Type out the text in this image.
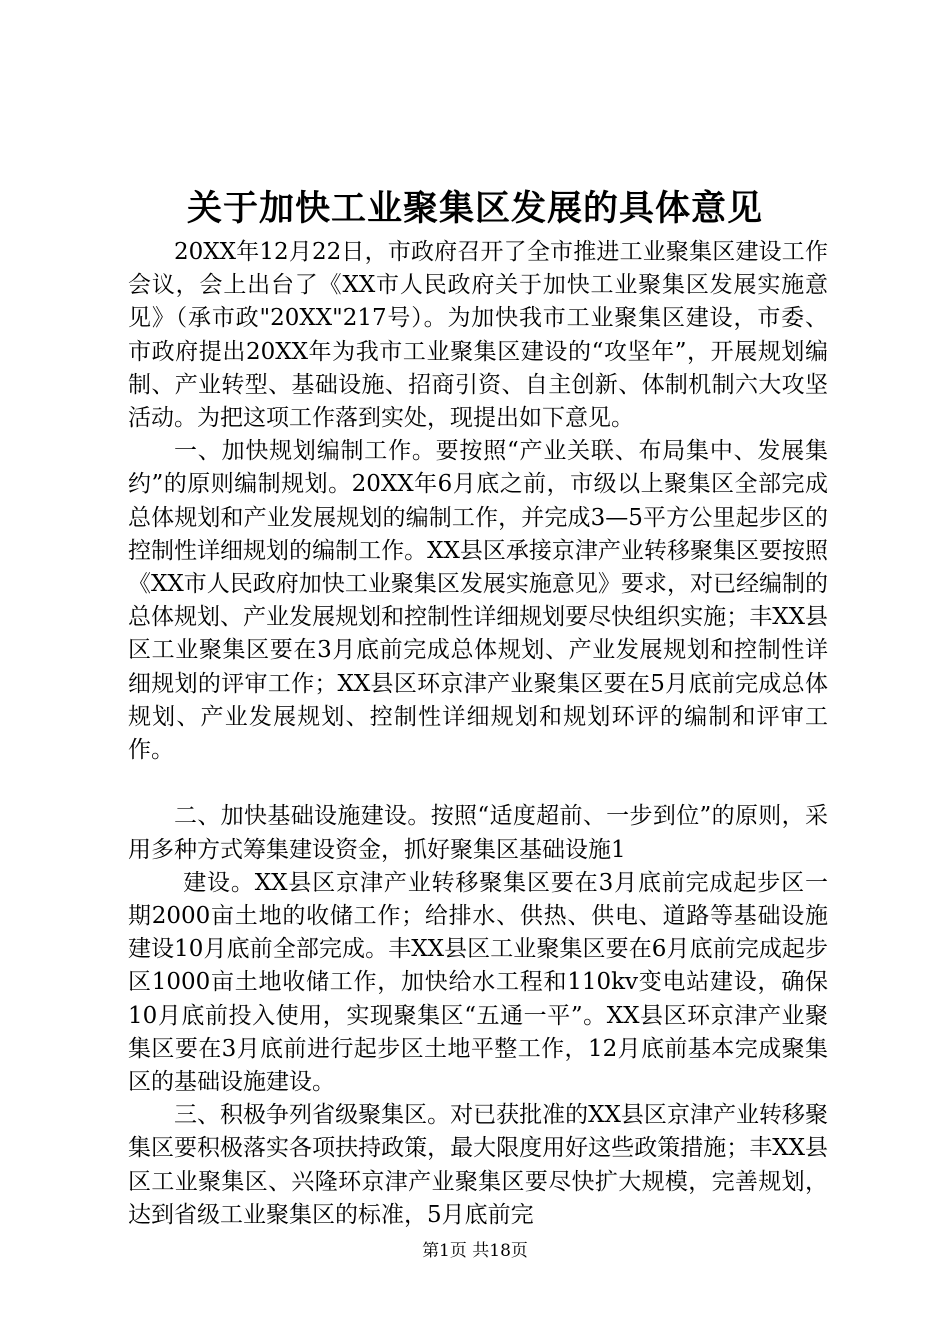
关于加快工业聚集区发展的具体意见

20XX年12月22日，市政府召开了全市推进工业聚集区建设工作会议，会上出台了《XX市人民政府关于加快工业聚集区发展实施意见》（承市政"20XX"217号）。为加快我市工业聚集区建设，市委、市政府提出20XX年为我市工业聚集区建设的“攻坚年”，开展规划编制、产业转型、基础设施、招商引资、自主创新、体制机制六大攻坚活动。为把这项工作落到实处，现提出如下意见。

一、加快规划编制工作。要按照“产业关联、布局集中、发展集约”的原则编制规划。20XX年6月底之前，市级以上聚集区全部完成总体规划和产业发展规划的编制工作，并完成3—5平方公里起步区的控制性详细规划的编制工作。XX县区承接京津产业转移聚集区要按照《XX市人民政府加快工业聚集区发展实施意见》要求，对已经编制的总体规划、产业发展规划和控制性详细规划要尽快组织实施；丰XX县区工业聚集区要在3月底前完成总体规划、产业发展规划和控制性详细规划的评审工作；XX县区环京津产业聚集区要在5月底前完成总体规划、产业发展规划、控制性详细规划和规划环评的编制和评审工作。

二、加快基础设施建设。按照“适度超前、一步到位”的原则，采用多种方式筹集建设资金，抓好聚集区基础设施1

建设。XX县区京津产业转移聚集区要在3月底前完成起步区一期2000亩土地的收储工作；给排水、供热、供电、道路等基础设施建设10月底前全部完成。丰XX县区工业聚集区要在6月底前完成起步区1000亩土地收储工作，加快给水工程和110kv变电站建设，确保10月底前投入使用，实现聚集区“五通一平”。XX县区环京津产业聚集区要在3月底前进行起步区土地平整工作，12月底前基本完成聚集区的基础设施建设。

三、积极争列省级聚集区。对已获批准的XX县区京津产业转移聚集区要积极落实各项扶持政策，最大限度用好这些政策措施；丰XX县区工业聚集区、兴隆环京津产业聚集区要尽快扩大规模，完善规划，达到省级工业聚集区的标准，5月底前完

第1页 共18页
